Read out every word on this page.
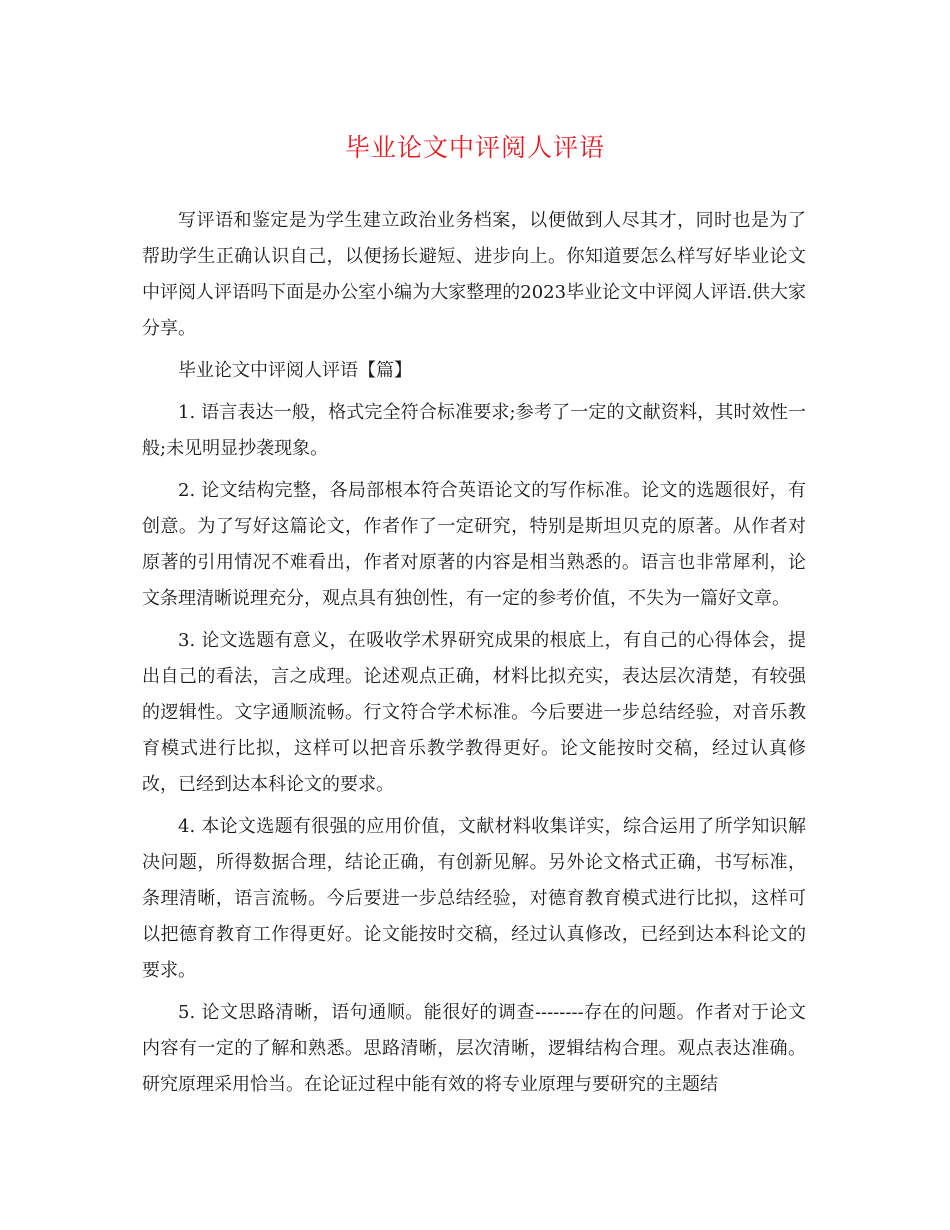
毕业论文中评阅人评语

写评语和鉴定是为学生建立政治业务档案，以便做到人尽其才，同时也是为了帮助学生正确认识自己，以便扬长避短、进步向上。你知道要怎么样写好毕业论文中评阅人评语吗下面是办公室小编为大家整理的2023毕业论文中评阅人评语.供大家分享。

毕业论文中评阅人评语【篇】

1. 语言表达一般，格式完全符合标准要求;参考了一定的文献资料，其时效性一般;未见明显抄袭现象。

2. 论文结构完整，各局部根本符合英语论文的写作标准。论文的选题很好，有创意。为了写好这篇论文，作者作了一定研究，特别是斯坦贝克的原著。从作者对原著的引用情况不难看出，作者对原著的内容是相当熟悉的。语言也非常犀利，论文条理清晰说理充分，观点具有独创性，有一定的参考价值，不失为一篇好文章。

3. 论文选题有意义，在吸收学术界研究成果的根底上，有自己的心得体会，提出自己的看法，言之成理。论述观点正确，材料比拟充实，表达层次清楚，有较强的逻辑性。文字通顺流畅。行文符合学术标准。今后要进一步总结经验，对音乐教育模式进行比拟，这样可以把音乐教学教得更好。论文能按时交稿，经过认真修改，已经到达本科论文的要求。

4. 本论文选题有很强的应用价值，文献材料收集详实，综合运用了所学知识解决问题，所得数据合理，结论正确，有创新见解。另外论文格式正确，书写标准，条理清晰，语言流畅。今后要进一步总结经验，对德育教育模式进行比拟，这样可以把德育教育工作得更好。论文能按时交稿，经过认真修改，已经到达本科论文的要求。

5. 论文思路清晰，语句通顺。能很好的调查--------存在的问题。作者对于论文内容有一定的了解和熟悉。思路清晰，层次清晰，逻辑结构合理。观点表达准确。研究原理采用恰当。在论证过程中能有效的将专业原理与要研究的主题结
